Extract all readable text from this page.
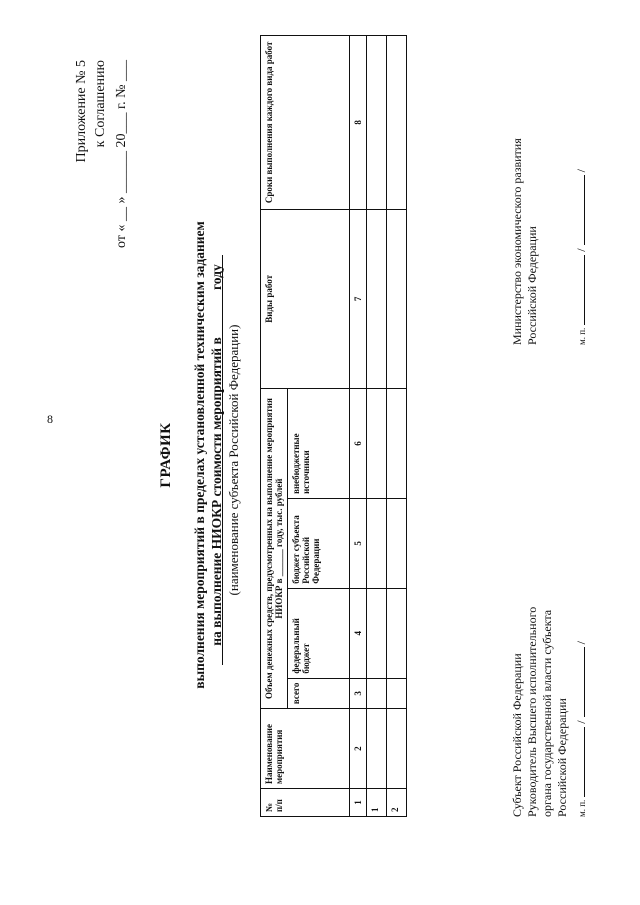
8
Приложение № 5 к Соглашению от « __ » ______ 20___ г. № ___
ГРАФИК выполнения мероприятий в пределах установленной техническим заданием на выполнение НИОКР стоимости мероприятий в ______ году (наименование субъекта Российской Федерации)
№ п/п	Наименование мероприятия	Объем денежных средств, предусмотренных на выполнение мероприятия НИОКР в ______ году, тыс. рублей				Виды работ	Сроки выполнения каждого вида работ
		всего	федеральный бюджет	бюджет субъекта Российской Федерации	внебюджетные источники		
1	2	3	4	5	6	7	8
1							
2								Субъект Российской Федерации Руководитель Высшего исполнительного органа государственной власти субъекта Российской Федерации м. п.  /  /
Министерство экономического развития Российской Федерации	м. п.  /  /
